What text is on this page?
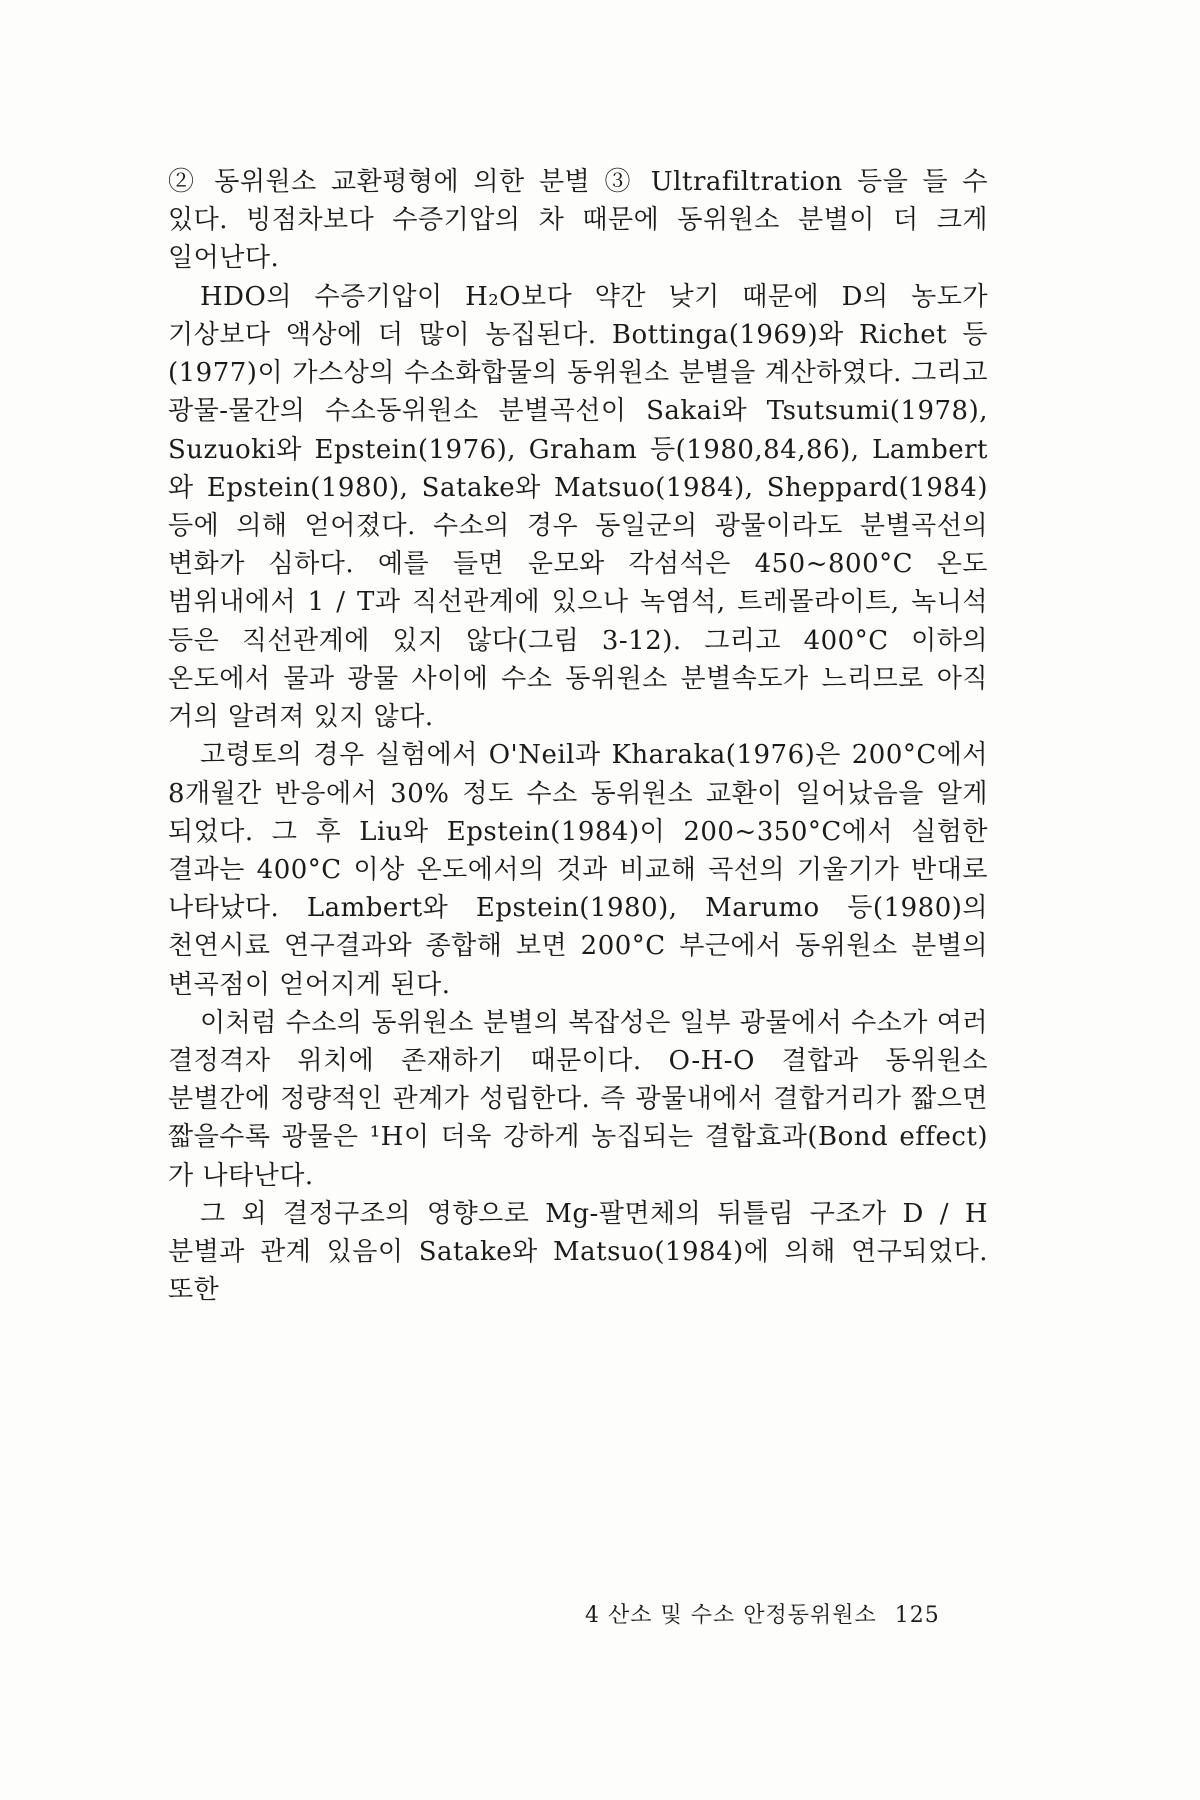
② 동위원소 교환평형에 의한 분별 ③ Ultrafiltration 등을 들 수 있다. 빙점차보다 수증기압의 차 때문에 동위원소 분별이 더 크게 일어난다.

HDO의 수증기압이 H₂O보다 약간 낮기 때문에 D의 농도가 기상보다 액상에 더 많이 농집된다. Bottinga(1969)와 Richet 등(1977)이 가스상의 수소화합물의 동위원소 분별을 계산하였다. 그리고 광물-물간의 수소동위원소 분별곡선이 Sakai와 Tsutsumi(1978), Suzuoki와 Epstein(1976), Graham 등(1980,84,86), Lambert 와 Epstein(1980), Satake와 Matsuo(1984), Sheppard(1984) 등에 의해 얻어졌다. 수소의 경우 동일군의 광물이라도 분별곡선의 변화가 심하다. 예를 들면 운모와 각섬석은 450~800°C 온도 범위내에서 1 / T과 직선관계에 있으나 녹염석, 트레몰라이트, 녹니석 등은 직선관계에 있지 않다(그림 3-12). 그리고 400°C 이하의 온도에서 물과 광물 사이에 수소 동위원소 분별속도가 느리므로 아직 거의 알려져 있지 않다.

고령토의 경우 실험에서 O'Neil과 Kharaka(1976)은 200°C에서 8개월간 반응에서 30% 정도 수소 동위원소 교환이 일어났음을 알게 되었다. 그 후 Liu와 Epstein(1984)이 200~350°C에서 실험한 결과는 400°C 이상 온도에서의 것과 비교해 곡선의 기울기가 반대로 나타났다. Lambert와 Epstein(1980), Marumo 등(1980)의 천연시료 연구결과와 종합해 보면 200°C 부근에서 동위원소 분별의 변곡점이 얻어지게 된다.

이처럼 수소의 동위원소 분별의 복잡성은 일부 광물에서 수소가 여러 결정격자 위치에 존재하기 때문이다. O-H-O 결합과 동위원소 분별간에 정량적인 관계가 성립한다. 즉 광물내에서 결합거리가 짧으면 짧을수록 광물은 ¹H이 더욱 강하게 농집되는 결합효과(Bond effect)가 나타난다.

그 외 결정구조의 영향으로 Mg-팔면체의 뒤틀림 구조가 D / H 분별과 관계 있음이 Satake와 Matsuo(1984)에 의해 연구되었다. 또한

4 산소 및 수소 안정동위원소 125
